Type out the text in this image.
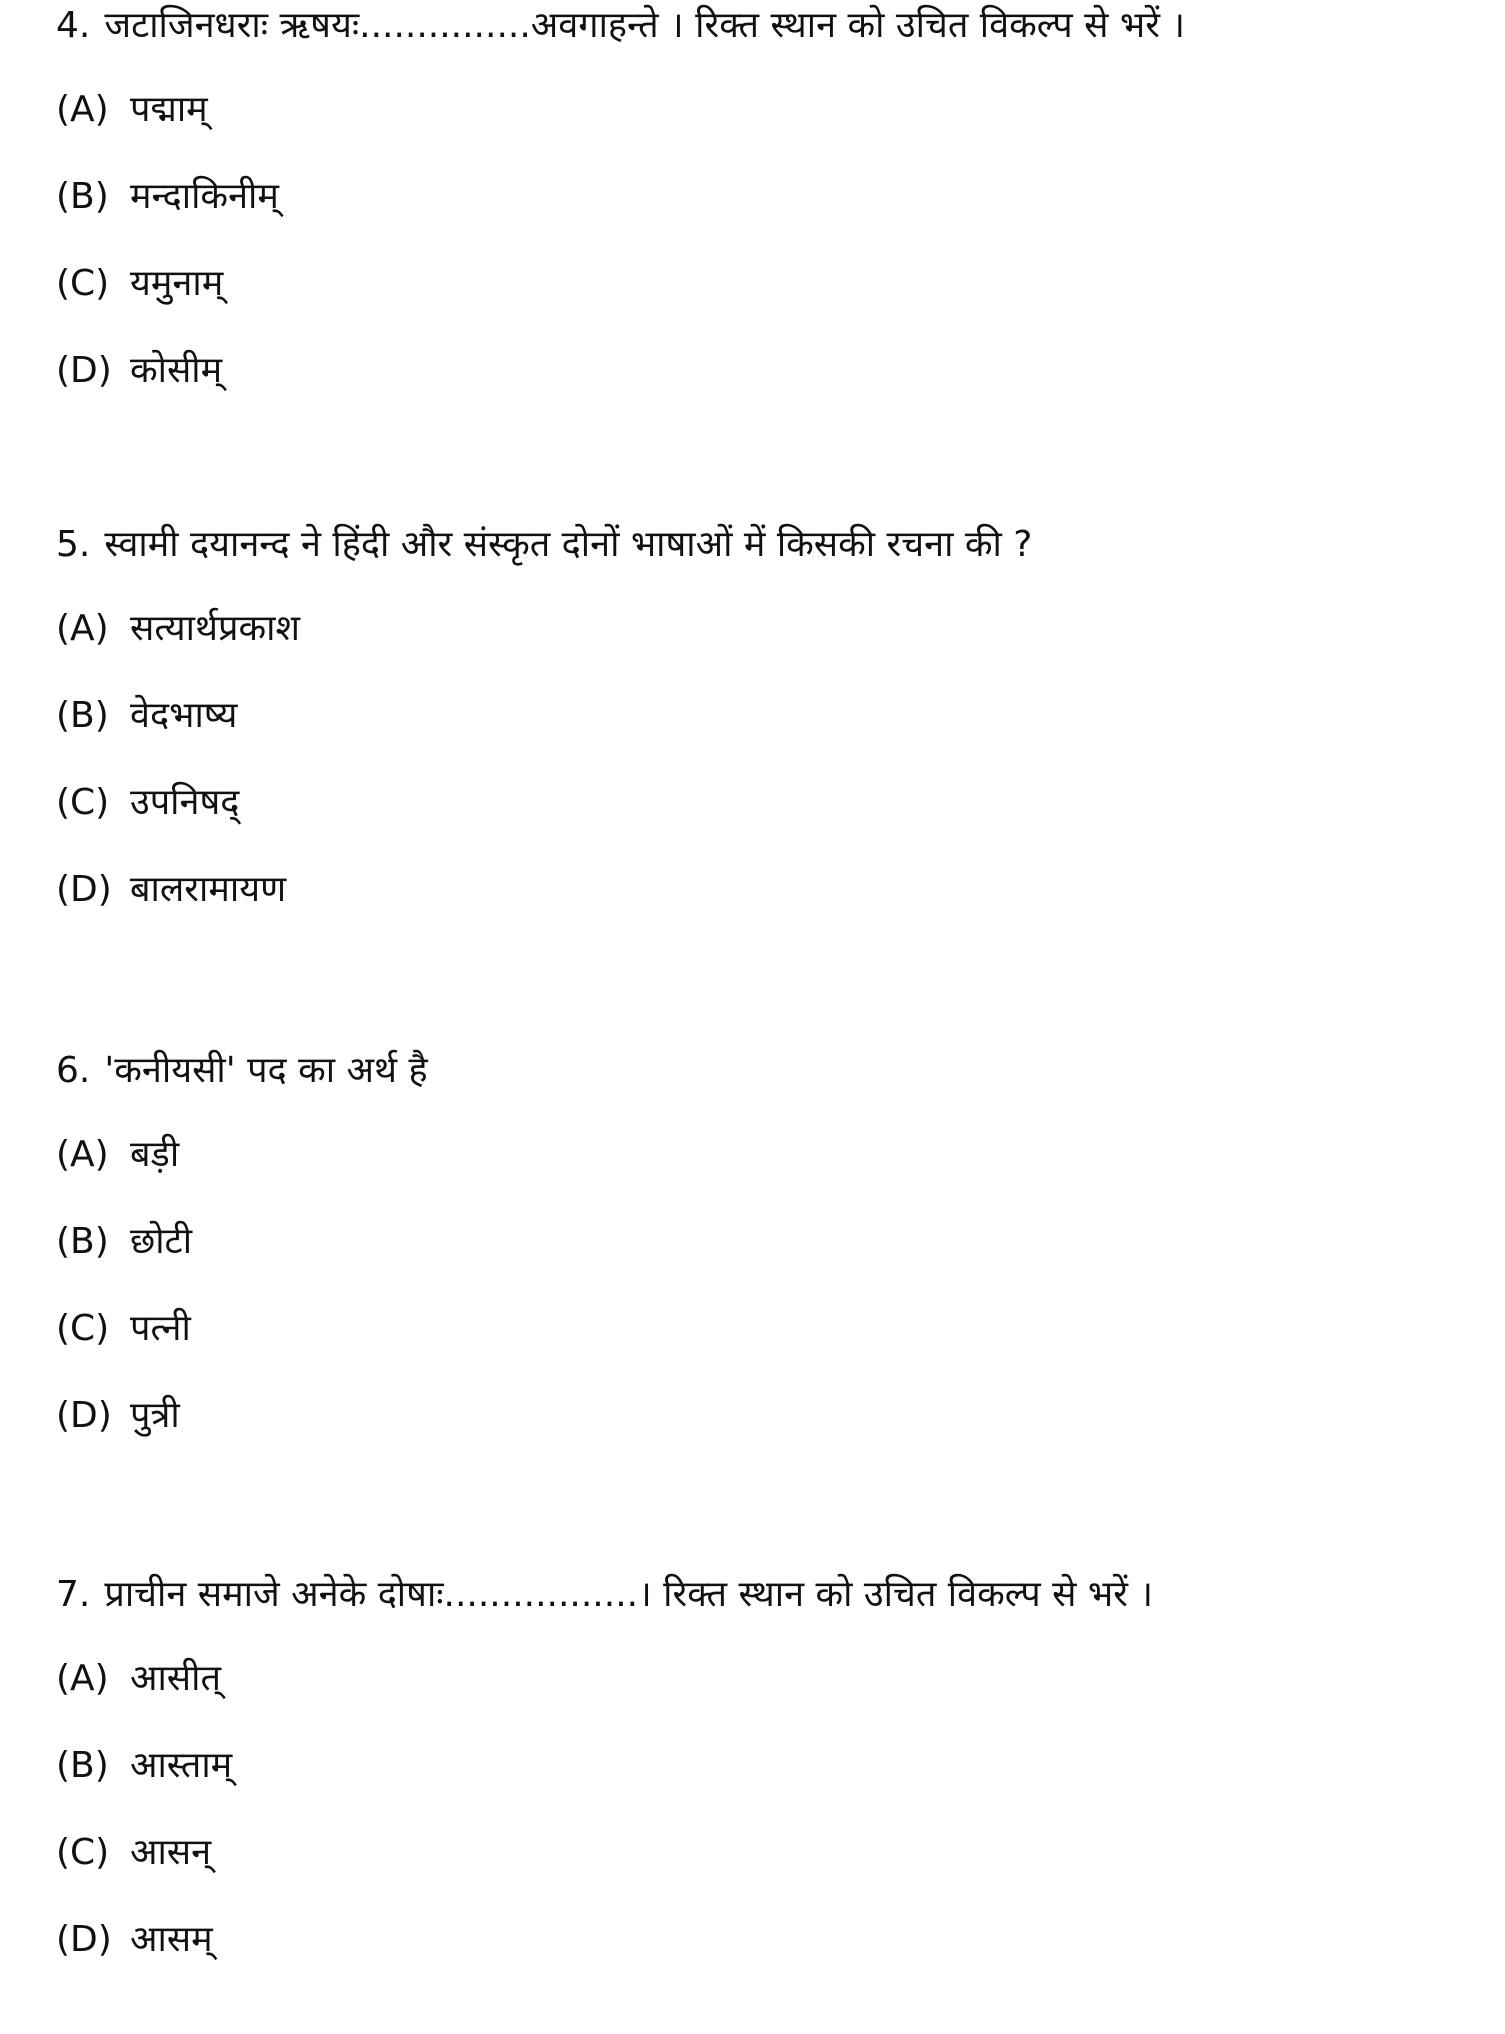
4. जटाजिनधराः ऋषयः...............अवगाहन्ते । रिक्त स्थान को उचित विकल्प से भरें ।
(A) पद्माम्
(B) मन्दाकिनीम्
(C) यमुनाम्
(D) कोसीम्
5. स्वामी दयानन्द ने हिंदी और संस्कृत दोनों भाषाओं में किसकी रचना की ?
(A) सत्यार्थप्रकाश
(B) वेदभाष्य
(C) उपनिषद्
(D) बालरामायण
6. 'कनीयसी' पद का अर्थ है
(A) बड़ी
(B) छोटी
(C) पत्नी
(D) पुत्री
7. प्राचीन समाजे अनेके दोषाः.................। रिक्त स्थान को उचित विकल्प से भरें ।
(A) आसीत्
(B) आस्ताम्
(C) आसन्
(D) आसम्
